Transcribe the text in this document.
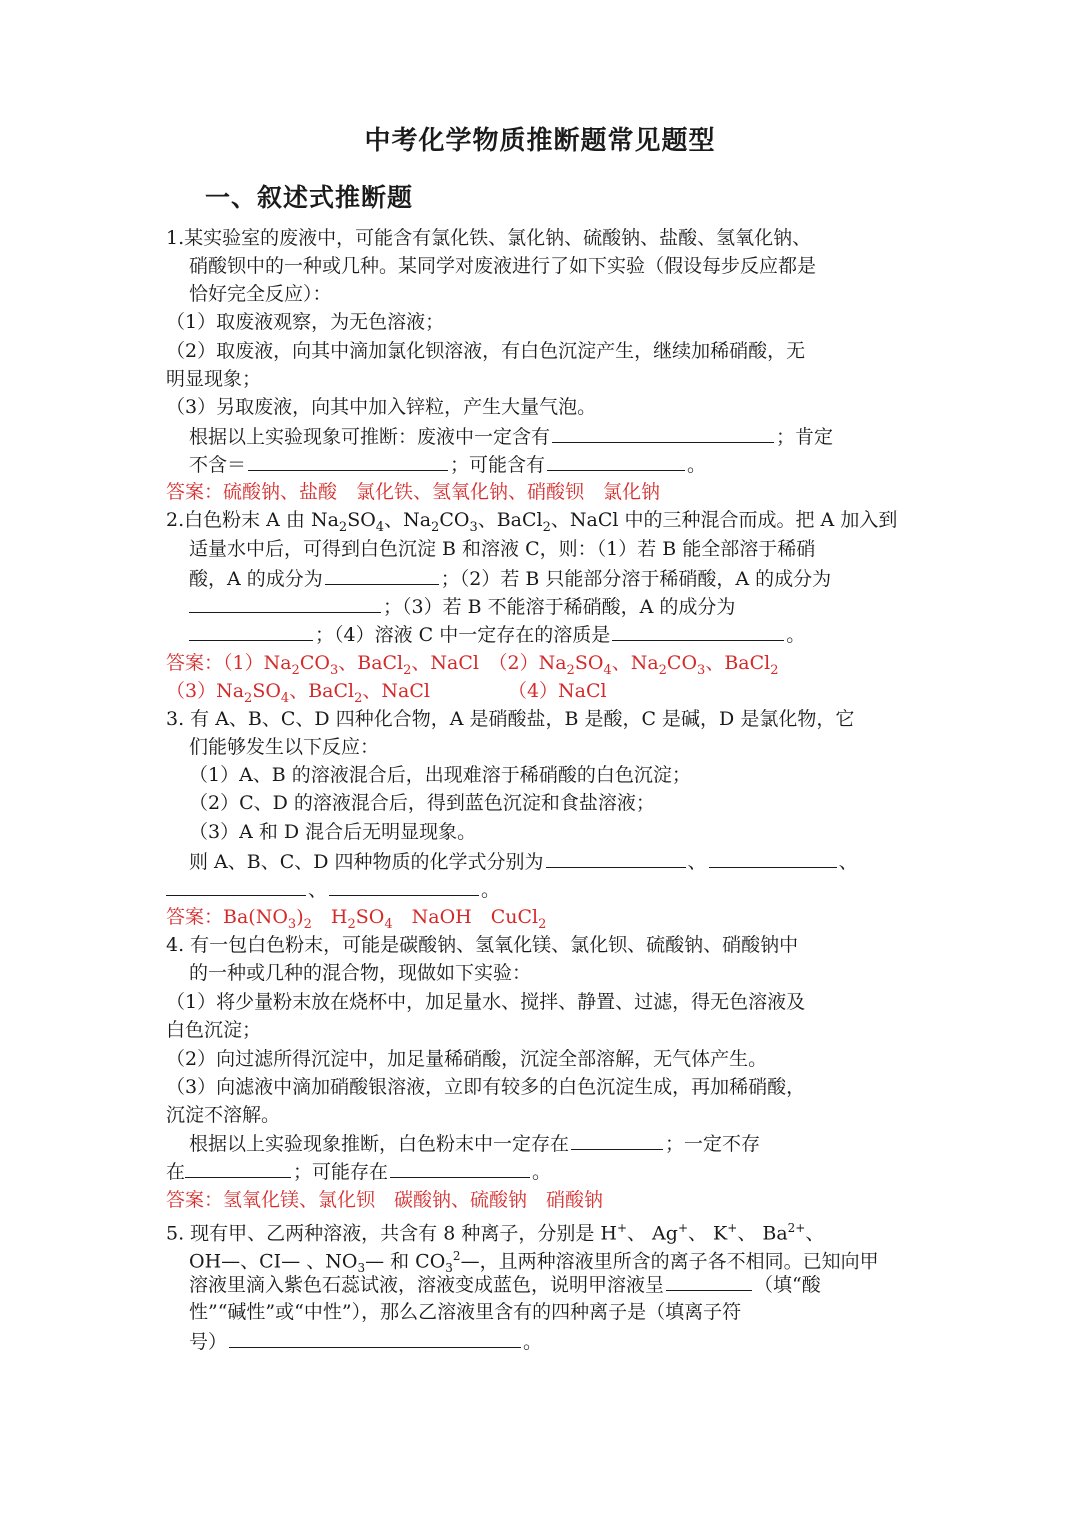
中考化学物质推断题常见题型
一、叙述式推断题
1.某实验室的废液中，可能含有氯化铁、氯化钠、硫酸钠、盐酸、氢氧化钠、
硝酸钡中的一种或几种。某同学对废液进行了如下实验（假设每步反应都是
恰好完全反应）：
（1）取废液观察，为无色溶液；
（2）取废液，向其中滴加氯化钡溶液，有白色沉淀产生，继续加稀硝酸，无
明显现象；
（3）另取废液，向其中加入锌粒，产生大量气泡。
根据以上实验现象可推断：废液中一定含有	；肯定
不含＝	；可能含有	。
答案：硫酸钠、盐酸　氯化铁、氢氧化钠、硝酸钡　氯化钠
2.白色粉末 A 由 $Na_2SO_4$、$Na_2CO_3$、BaCl$_2$、NaCl 中的三种混合而成。把 A 加入到
适量水中后，可得到白色沉淀 B 和溶液 C，则：（1）若 B 能全部溶于稀硝
酸，A 的成分为	；（2）若 B 只能部分溶于稀硝酸，A 的成分为
；（3）若 B 不能溶于稀硝酸，A 的成分为
；（4）溶液 C 中一定存在的溶质是	。
答案：$(1)Na_2CO_3$、BaCl$_2$、NaCl　$(2)Na_2SO_4$、$Na_2CO_3$、BaCl$_2$
$(3)Na_2SO_4$、BaCl$_2$、NaCl	（4）NaCl
3. 有 A、B、C、D 四种化合物，A 是硝酸盐，B 是酸，C 是碱，D 是氯化物，它
们能够发生以下反应：
（1）A、B 的溶液混合后，出现难溶于稀硝酸的白色沉淀；
（2）C、D 的溶液混合后，得到蓝色沉淀和食盐溶液；
（3）A 和 D 混合后无明显现象。
则 A、B、C、D 四种物质的化学式分别为	、	、
、	。
答案：$Ba(NO_3)_2$　$H_2SO_4$　NaOH　CuCl$_2$
4. 有一包白色粉末，可能是碳酸钠、氢氧化镁、氯化钡、硫酸钠、硝酸钠中
的一种或几种的混合物，现做如下实验：
（1）将少量粉末放在烧杯中，加足量水、搅拌、静置、过滤，得无色溶液及
白色沉淀；
（2）向过滤所得沉淀中，加足量稀硝酸，沉淀全部溶解，无气体产生。
（3）向滤液中滴加硝酸银溶液，立即有较多的白色沉淀生成，再加稀硝酸，
沉淀不溶解。
根据以上实验现象推断，白色粉末中一定存在	；一定不存
在	；可能存在	。
答案：氢氧化镁、氯化钡　碳酸钠、硫酸钠　硝酸钠
5. 现有甲、乙两种溶液，共含有 8 种离子，分别是 H+、 Ag+、 K+、 $Ba^{2+}$、
OH—、CI— 、$NO_3—$ 和 $CO_3^2—$，且两种溶液里所含的离子各不相同。已知向甲
溶液里滴入紫色石蕊试液，溶液变成蓝色，说明甲溶液呈	（填“酸
性”“碱性”或“中性”），那么乙溶液里含有的四种离子是（填离子符
号）	。
